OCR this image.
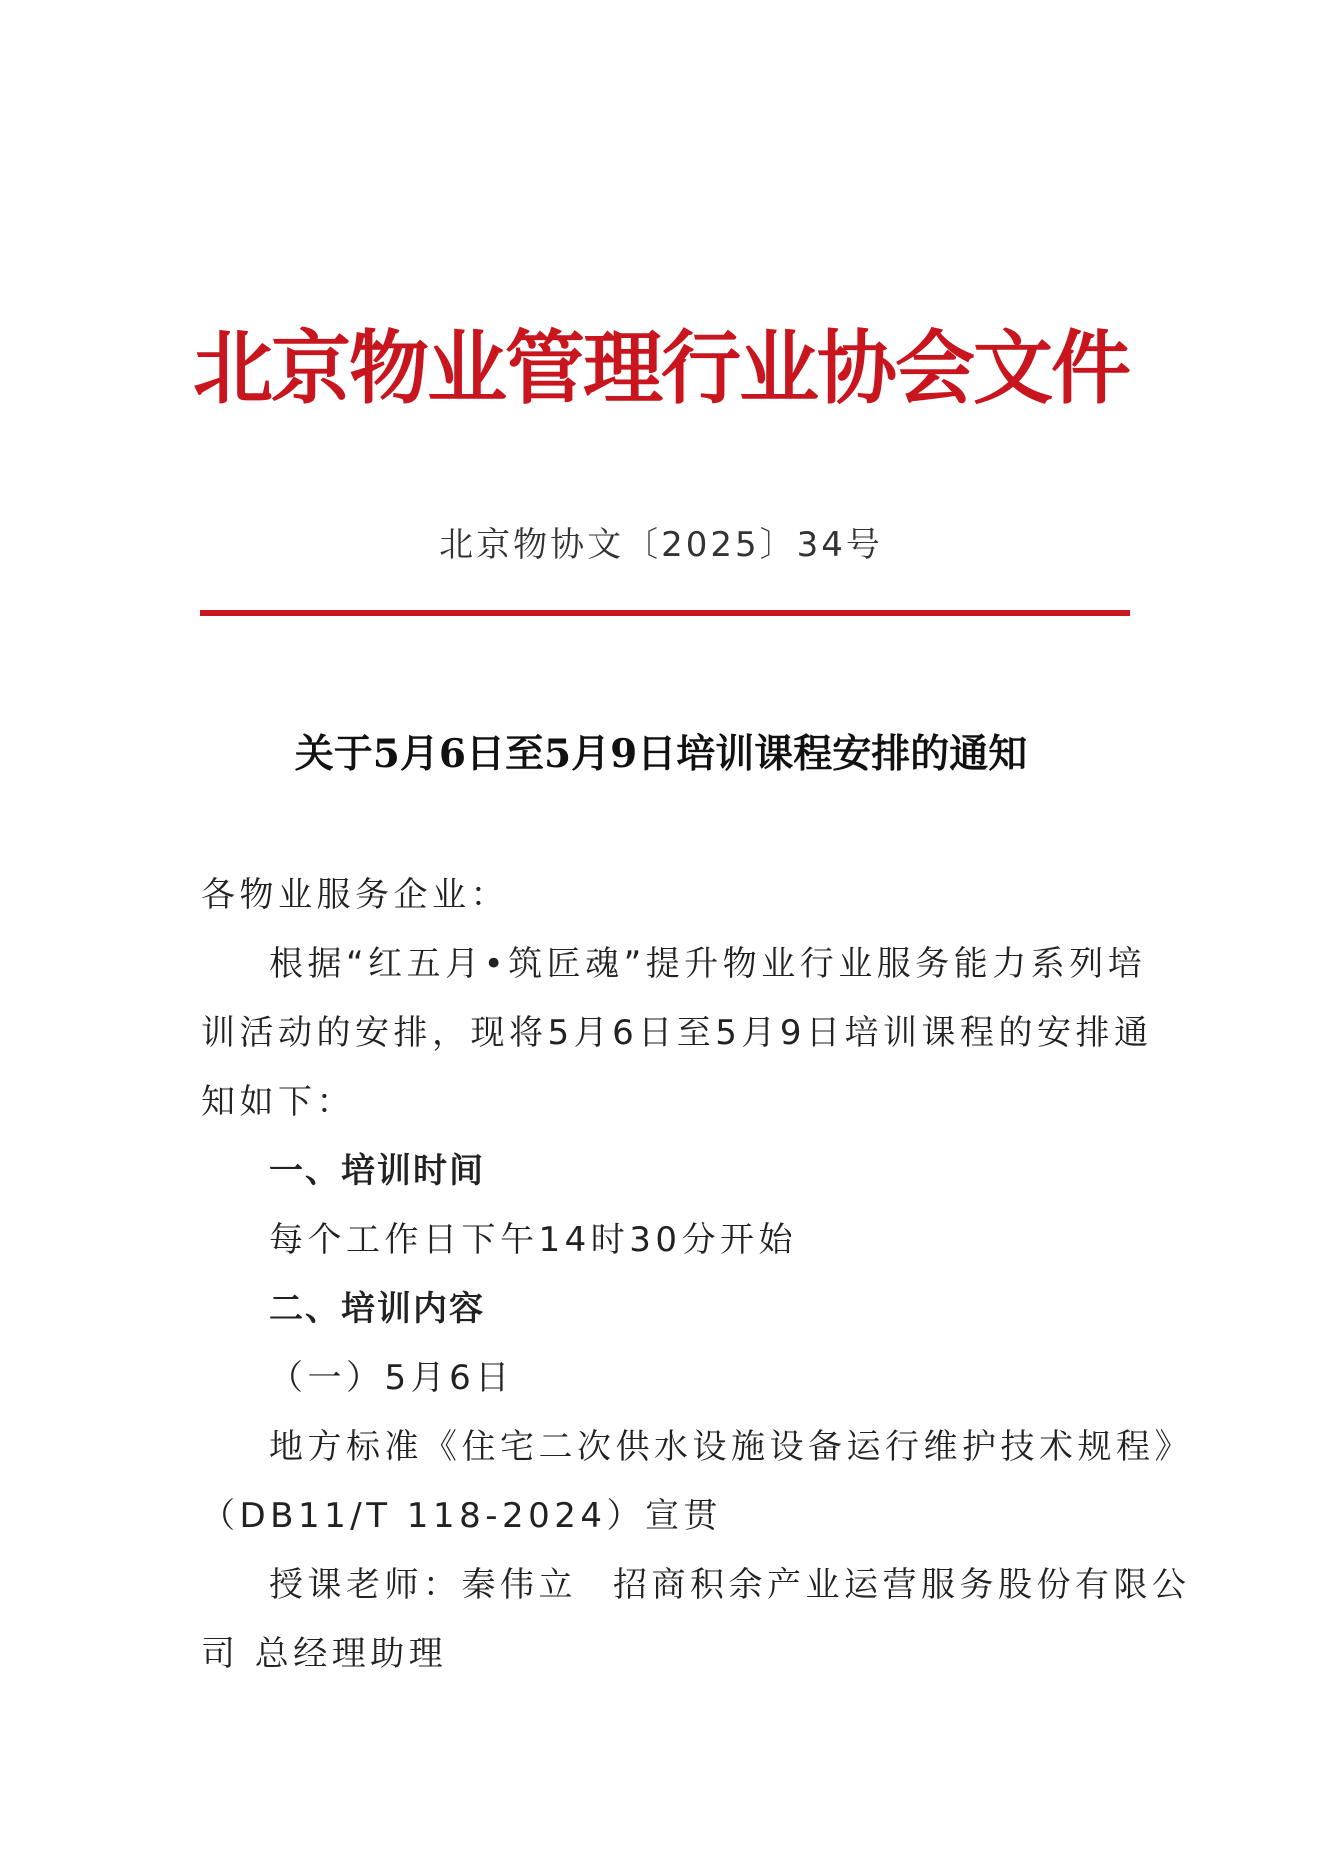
北京物业管理行业协会文件
北京物协文〔2025〕34号
关于5月6日至5月9日培训课程安排的通知
各物业服务企业：
根据“红五月•筑匠魂”提升物业行业服务能力系列培
训活动的安排，现将5月6日至5月9日培训课程的安排通
知如下：
一、培训时间
每个工作日下午14时30分开始
二、培训内容
（一）5月6日
地方标准《住宅二次供水设施设备运行维护技术规程》
（DB11/T 118-2024）宣贯
授课老师：秦伟立 招商积余产业运营服务股份有限公
司 总经理助理
